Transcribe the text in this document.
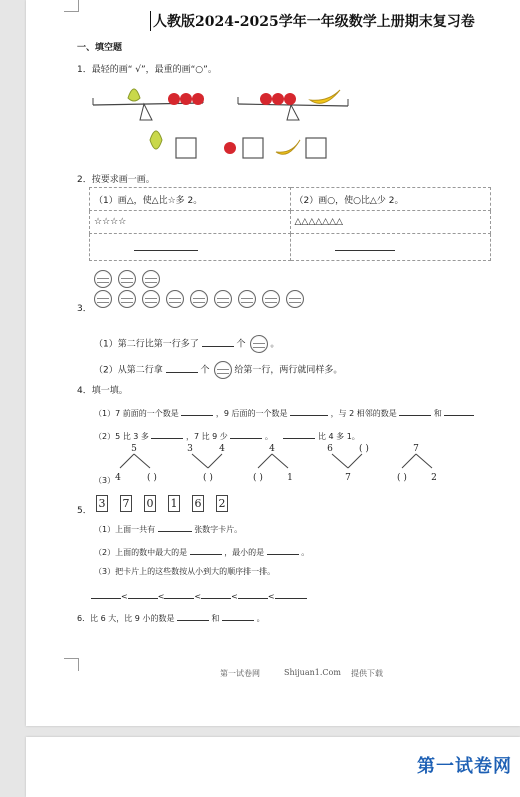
人教版2024-2025学年一年级数学上册期末复习卷
一、填空题
1．最轻的画“ √”，最重的画“○”。
2．按要求画一画。
（1）画△，使△比☆多 2。	（2）画○，使○比△少 2。
☆☆☆☆	△△△△△△△

3．
（1）第二行比第一行多了	个	。
（2）从第二行拿	个	给第一行，两行就同样多。
4．填一填。
（1）7 前面的一个数是	，9 后面的一个数是	，与 2 相邻的数是	和
（2）5 比 3 多	，7 比 9 少	。	比 4 多 1。
（3）
5
4	( )
3	4
( )
4
( )	1
6	( )
7
7
( )	2
3 7 0 1 6 2
5．
（1）上面一共有	张数字卡片。
（2）上面的数中最大的是	，最小的是	。
（3）把卡片上的这些数按从小到大的顺序排一排。
<	<	<	<	<
6．比 6 大，比 9 小的数是	和	。
第一试卷网	Shijuan1.Com 提供下载
第一试卷网
